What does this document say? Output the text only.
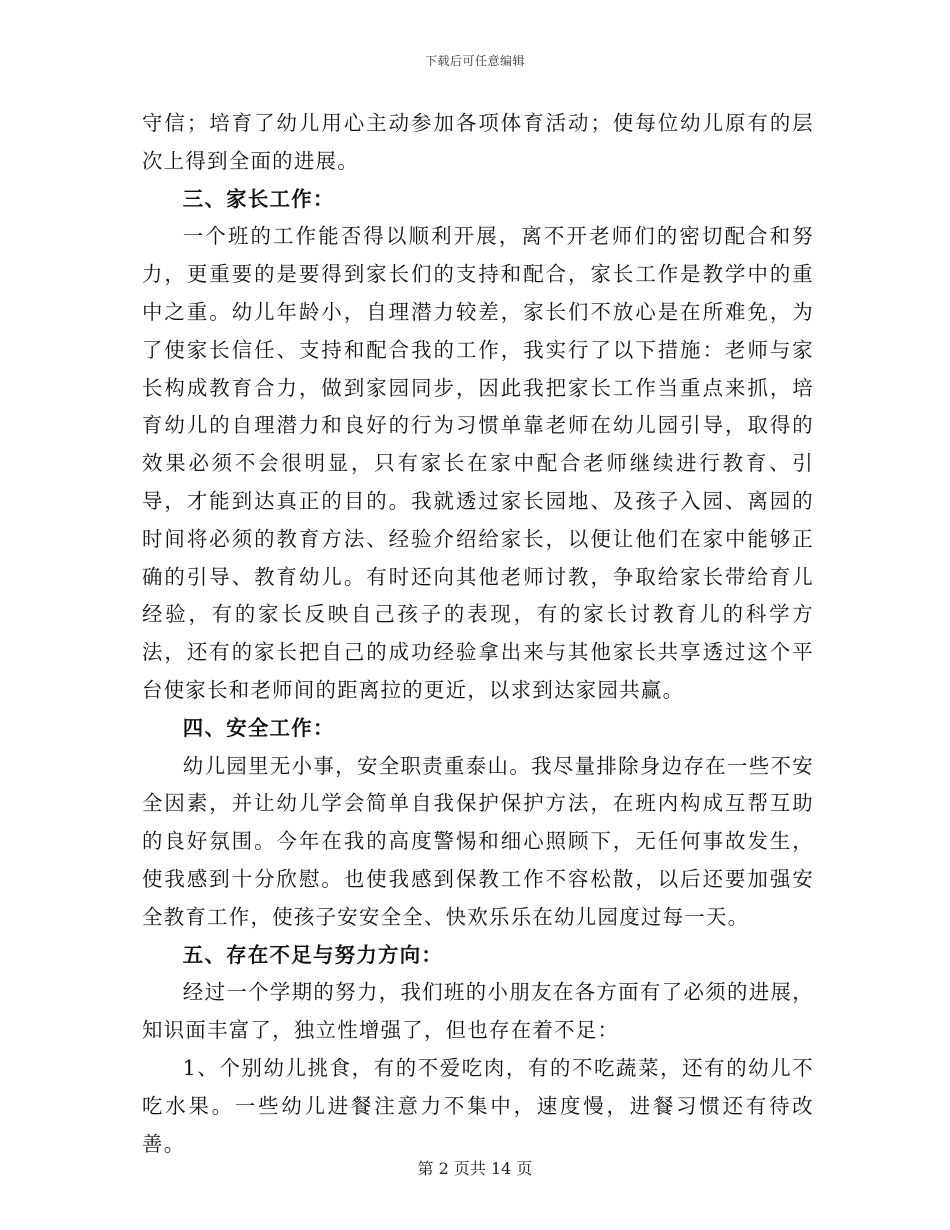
下载后可任意编辑

守信；培育了幼儿用心主动参加各项体育活动；使每位幼儿原有的层次上得到全面的进展。

三、家长工作：

一个班的工作能否得以顺利开展，离不开老师们的密切配合和努力，更重要的是要得到家长们的支持和配合，家长工作是教学中的重中之重。幼儿年龄小，自理潜力较差，家长们不放心是在所难免，为了使家长信任、支持和配合我的工作，我实行了以下措施：老师与家长构成教育合力，做到家园同步，因此我把家长工作当重点来抓，培育幼儿的自理潜力和良好的行为习惯单靠老师在幼儿园引导，取得的效果必须不会很明显，只有家长在家中配合老师继续进行教育、引导，才能到达真正的目的。我就透过家长园地、及孩子入园、离园的时间将必须的教育方法、经验介绍给家长，以便让他们在家中能够正确的引导、教育幼儿。有时还向其他老师讨教，争取给家长带给育儿经验，有的家长反映自己孩子的表现，有的家长讨教育儿的科学方法，还有的家长把自己的成功经验拿出来与其他家长共享透过这个平台使家长和老师间的距离拉的更近，以求到达家园共赢。

四、安全工作：

幼儿园里无小事，安全职责重泰山。我尽量排除身边存在一些不安全因素，并让幼儿学会简单自我保护保护方法，在班内构成互帮互助的良好氛围。今年在我的高度警惕和细心照顾下，无任何事故发生，使我感到十分欣慰。也使我感到保教工作不容松散，以后还要加强安全教育工作，使孩子安安全全、快欢乐乐在幼儿园度过每一天。

五、存在不足与努力方向：

经过一个学期的努力，我们班的小朋友在各方面有了必须的进展，知识面丰富了，独立性增强了，但也存在着不足：

1、个别幼儿挑食，有的不爱吃肉，有的不吃蔬菜，还有的幼儿不吃水果。一些幼儿进餐注意力不集中，速度慢，进餐习惯还有待改善。

第 2 页共 14 页
